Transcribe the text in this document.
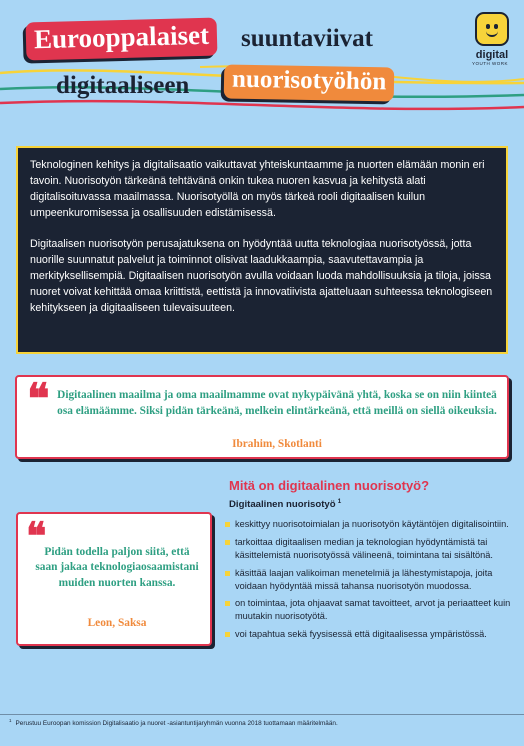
Eurooppalaiset	suuntaviivat
digitaaliseen	nuorisotyöhön
digital
YOUTH WORK

Teknologinen kehitys ja digitalisaatio vaikuttavat yhteiskuntaamme ja nuorten elämään monin eri tavoin. Nuorisotyön tärkeänä tehtävänä onkin tukea nuoren kasvua ja kehitystä alati digitalisoituvassa maailmassa. Nuorisotyöllä on myös tärkeä rooli digitaalisen kuilun umpeenkuromisessa ja osallisuuden edistämisessä.

Digitaalisen nuorisotyön perusajatuksena on hyödyntää uutta teknologiaa nuorisotyössä, jotta nuorille suunnatut palvelut ja toiminnot olisivat laadukkaampia, saavutettavampia ja merkityksellisempiä. Digitaalisen nuorisotyön avulla voidaan luoda mahdollisuuksia ja tiloja, joissa nuoret voivat kehittää omaa kriittistä, eettistä ja innovatiivista ajatteluaan suhteessa teknologiseen kehitykseen ja digitaaliseen tulevaisuuteen.

❝ Digitaalinen maailma ja oma maailmamme ovat nykypäivänä yhtä, koska se on niin kiinteä osa elämäämme. Siksi pidän tärkeänä, melkein elintärkeänä, että meillä on siellä oikeuksia.
Ibrahim, Skotlanti
Mitä on digitaalinen nuorisotyö?
Digitaalinen nuorisotyö $^1$
keskittyy nuorisotoimialan ja nuorisotyön käytäntöjen digitalisointiin.
tarkoittaa digitaalisen median ja teknologian hyödyntämistä tai käsittelemistä nuorisotyössä välineenä, toimintana tai sisältönä.
käsittää laajan valikoiman menetelmiä ja lähestymistapoja, joita voidaan hyödyntää missä tahansa nuorisotyön muodossa.
on toimintaa, jota ohjaavat samat tavoitteet, arvot ja periaatteet kuin muutakin nuorisotyötä.
voi tapahtua sekä fyysisessä että digitaalisessa ympäristössä.
❝
Pidän todella paljon siitä, että saan jakaa teknologiaosaamistani muiden nuorten kanssa.
Leon, Saksa
$^1$ Perustuu Euroopan komission Digitalisaatio ja nuoret -asiantuntijaryhmän vuonna 2018 tuottamaan määritelmään.
